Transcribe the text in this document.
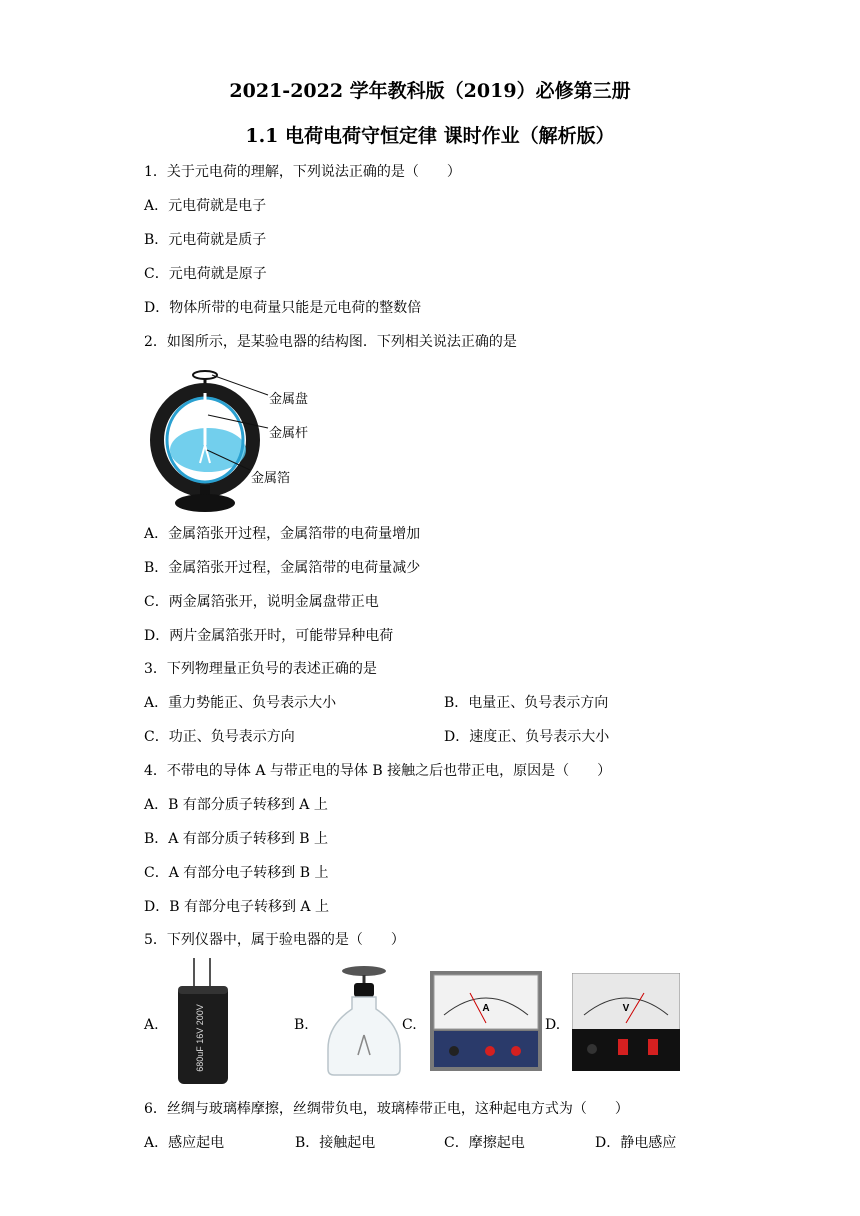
2021-2022 学年教科版（2019）必修第三册
1.1 电荷电荷守恒定律 课时作业（解析版）
1．关于元电荷的理解，下列说法正确的是（　　）
A．元电荷就是电子
B．元电荷就是质子
C．元电荷就是原子
D．物体所带的电荷量只能是元电荷的整数倍
2．如图所示，是某验电器的结构图．下列相关说法正确的是
金属盘
金属杆
金属箔
A．金属箔张开过程，金属箔带的电荷量增加
B．金属箔张开过程，金属箔带的电荷量减少
C．两金属箔张开，说明金属盘带正电
D．两片金属箔张开时，可能带异种电荷
3．下列物理量正负号的表述正确的是
A．重力势能正、负号表示大小	B．电量正、负号表示方向
C．功正、负号表示方向	D．速度正、负号表示大小
4．不带电的导体 A 与带正电的导体 B 接触之后也带正电，原因是（　　）
A．B 有部分质子转移到 A 上
B．A 有部分质子转移到 B 上
C．A 有部分电子转移到 B 上
D．B 有部分电子转移到 A 上
5．下列仪器中，属于验电器的是（　　）
A.	680uF 16V 200V	B.	C.
A
D.
V
6．丝绸与玻璃棒摩擦，丝绸带负电，玻璃棒带正电，这种起电方式为（　　）
A．感应起电	B．接触起电	C．摩擦起电	D．静电感应
